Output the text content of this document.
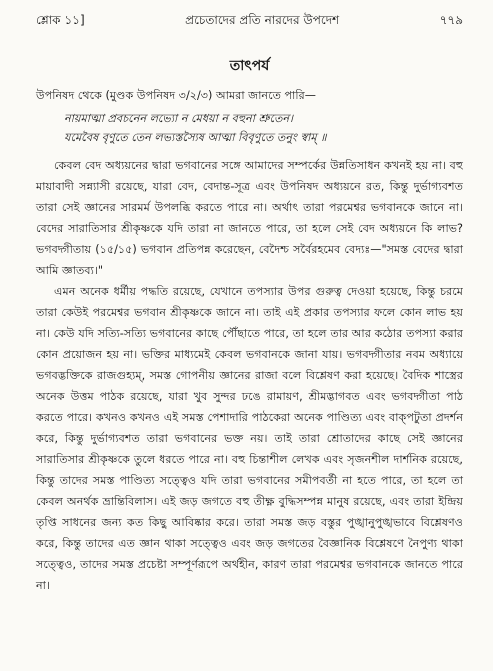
শ্লোক ১১]	প্রচেতাদের প্রতি নারদের উপদেশ	৭৭৯
তাৎপর্য
উপনিষদ থেকে (মুণ্ডক উপনিষদ ৩/২/৩) আমরা জানতে পারি—
নায়মাত্মা প্রবচনেন লভ্যো ন মেধয়া ন বহুনা শ্রুতেন।
যমেবৈষ বৃণুতে তেন লভ্যস্তস্যৈষ আত্মা বিবৃণুতে তনুং স্বাম্ ॥

কেবল বেদ অধ্যয়নের দ্বারা ভগবানের সঙ্গে আমাদের সম্পর্কের উন্নতিসাধন কখনই হয় না। বহু মায়াবাদী সন্ন্যাসী রয়েছে, যারা বেদ, বেদান্ত-সূত্র এবং উপনিষদ অধ্যয়নে রত, কিন্তু দুর্ভাগ্যবশত তারা সেই জ্ঞানের সারমর্ম উপলব্ধি করতে পারে না। অর্থাৎ তারা পরমেশ্বর ভগবানকে জানে না। বেদের সারাতিসার শ্রীকৃষ্ণকে যদি তারা না জানতে পারে, তা হলে সেই বেদ অধ্যয়নে কি লাভ? ভগবদ্গীতায় (১৫/১৫) ভগবান প্রতিপন্ন করেছেন, বেদৈশ্চ সর্বৈরহমেব বেদ্যঃ—"সমস্ত বেদের দ্বারা আমি জ্ঞাতব্য।"

এমন অনেক ধর্মীয় পদ্ধতি রয়েছে, যেখানে তপস্যার উপর গুরুত্ব দেওয়া হয়েছে, কিন্তু চরমে তারা কেউই পরমেশ্বর ভগবান শ্রীকৃষ্ণকে জানে না। তাই এই প্রকার তপস্যার ফলে কোন লাভ হয় না। কেউ যদি সত্যি-সত্যি ভগবানের কাছে পৌঁছাতে পারে, তা হলে তার আর কঠোর তপস্যা করার কোন প্রয়োজন হয় না। ভক্তির মাধ্যমেই কেবল ভগবানকে জানা যায়। ভগবদ্গীতার নবম অধ্যায়ে ভগবদ্ভক্তিকে রাজগুহ্যম্, সমস্ত গোপনীয় জ্ঞানের রাজা বলে বিশ্লেষণ করা হয়েছে। বৈদিক শাস্ত্রের অনেক উত্তম পাঠক রয়েছে, যারা খুব সুন্দর ঢঙে রামায়ণ, শ্রীমদ্ভাগবত এবং ভগবদ্গীতা পাঠ করতে পারে। কখনও কখনও এই সমস্ত পেশাদারি পাঠকেরা অনেক পাণ্ডিত্য এবং বাক্পটুতা প্রদর্শন করে, কিন্তু দুর্ভাগ্যবশত তারা ভগবানের ভক্ত নয়। তাই তারা শ্রোতাদের কাছে সেই জ্ঞানের সারাতিসার শ্রীকৃষ্ণকে তুলে ধরতে পারে না। বহু চিন্তাশীল লেখক এবং সৃজনশীল দার্শনিক রয়েছে, কিন্তু তাদের সমস্ত পাণ্ডিত্য সত্ত্বেও যদি তারা ভগবানের সমীপবর্তী না হতে পারে, তা হলে তা কেবল অনর্থক ভ্রান্তিবিলাস। এই জড় জগতে বহু তীক্ষ্ণ বুদ্ধিসম্পন্ন মানুষ রয়েছে, এবং তারা ইন্দ্রিয় তৃপ্তি সাধনের জন্য কত কিছু আবিষ্কার করে। তারা সমস্ত জড় বস্তুর পুঙ্খানুপুঙ্খভাবে বিশ্লেষণও করে, কিন্তু তাদের এত জ্ঞান থাকা সত্ত্বেও এবং জড় জগতের বৈজ্ঞানিক বিশ্লেষণে নৈপুণ্য থাকা সত্ত্বেও, তাদের সমস্ত প্রচেষ্টা সম্পূর্ণরূপে অর্থহীন, কারণ তারা পরমেশ্বর ভগবানকে জানতে পারে না।
